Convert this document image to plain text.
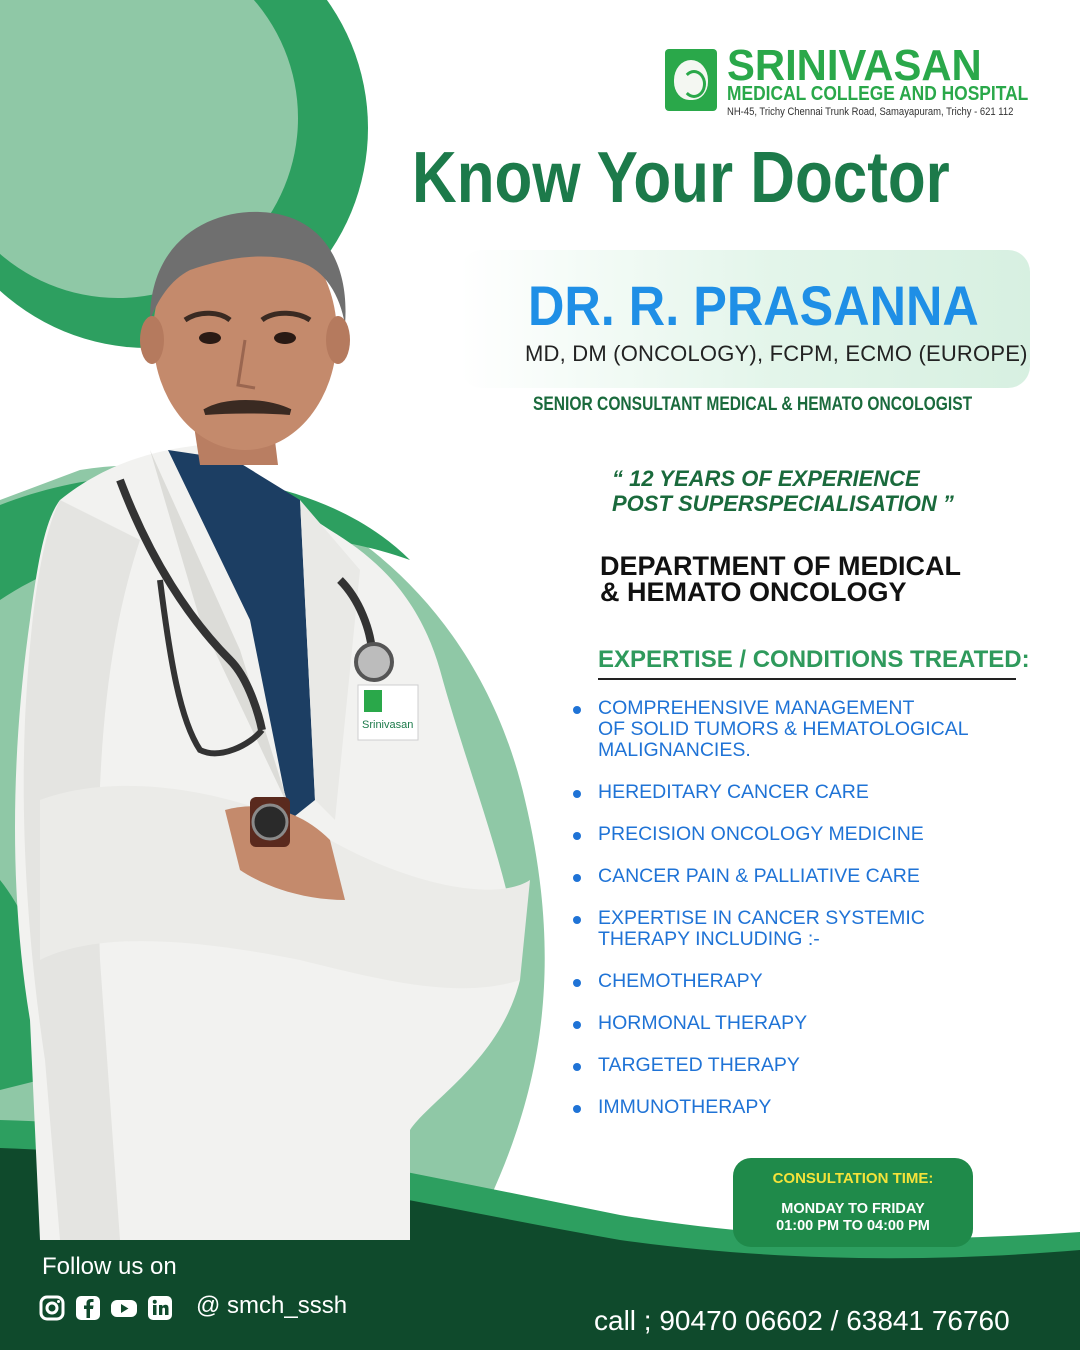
Srinivasan
SRINIVASAN
MEDICAL COLLEGE AND HOSPITAL
NH-45, Trichy Chennai Trunk Road, Samayapuram, Trichy - 621 112
Know Your Doctor
DR. R. PRASANNA
MD, DM (ONCOLOGY), FCPM, ECMO (EUROPE)
SENIOR CONSULTANT MEDICAL & HEMATO ONCOLOGIST
“ 12 YEARS OF EXPERIENCE
POST SUPERSPECIALISATION ”
DEPARTMENT OF MEDICAL
& HEMATO ONCOLOGY
EXPERTISE / CONDITIONS TREATED:
COMPREHENSIVE MANAGEMENT
OF SOLID TUMORS & HEMATOLOGICAL
MALIGNANCIES.
HEREDITARY CANCER CARE
PRECISION ONCOLOGY MEDICINE
CANCER PAIN & PALLIATIVE CARE
EXPERTISE IN CANCER SYSTEMIC
THERAPY INCLUDING :-
CHEMOTHERAPY
HORMONAL THERAPY
TARGETED THERAPY
IMMUNOTHERAPY
CONSULTATION TIME:
MONDAY TO FRIDAY
01:00 PM TO 04:00 PM
Follow us on
@ smch_sssh	call ; 90470 06602 / 63841 76760
